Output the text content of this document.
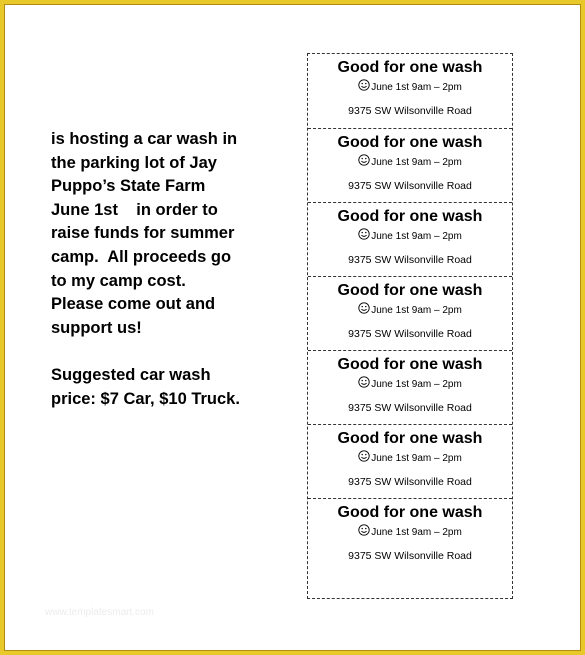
is hosting a car wash in
the parking lot of Jay
Puppo’s State Farm
June 1st    in order to
raise funds for summer
camp.  All proceeds go
to my camp cost.
Please come out and
support us!

Suggested car wash
price: $7 Car, $10 Truck.

Good for one wash
June 1st 9am – 2pm
9375 SW Wilsonville Road
Good for one wash
June 1st 9am – 2pm
9375 SW Wilsonville Road
Good for one wash
June 1st 9am – 2pm
9375 SW Wilsonville Road
Good for one wash
June 1st 9am – 2pm
9375 SW Wilsonville Road
Good for one wash
June 1st 9am – 2pm
9375 SW Wilsonville Road
Good for one wash
June 1st 9am – 2pm
9375 SW Wilsonville Road
Good for one wash
June 1st 9am – 2pm
9375 SW Wilsonville Road
www.templatesmart.com
